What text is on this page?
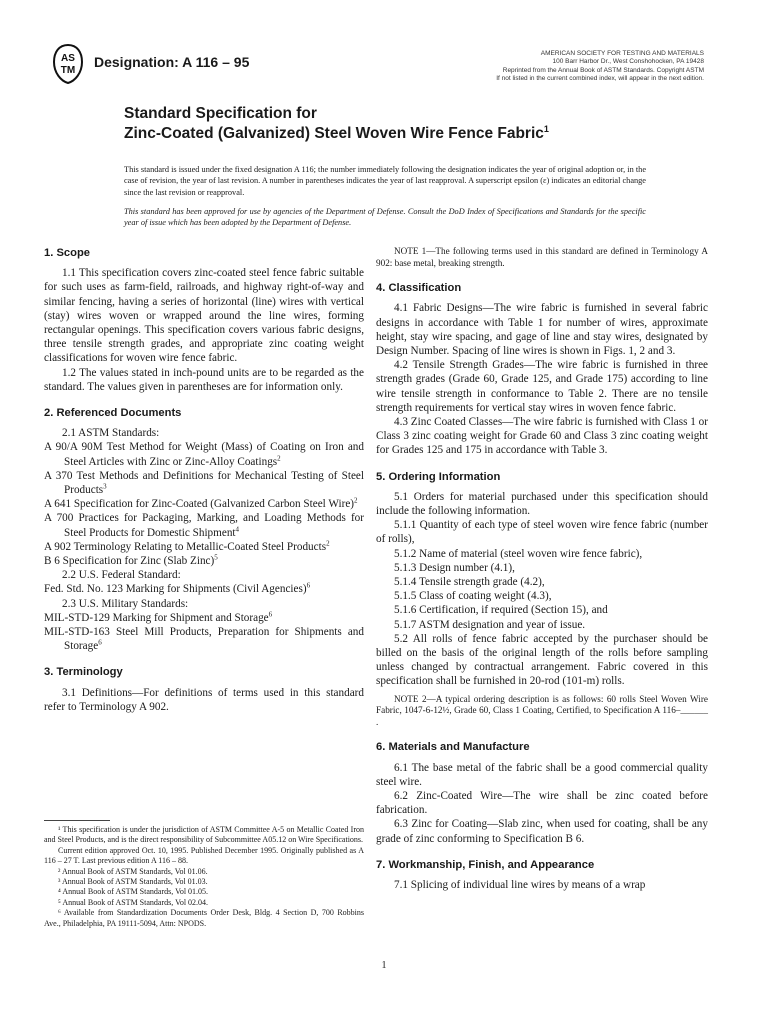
AS
TM
Designation: A 116 – 95
AMERICAN SOCIETY FOR TESTING AND MATERIALS
100 Barr Harbor Dr., West Conshohocken, PA 19428
Reprinted from the Annual Book of ASTM Standards. Copyright ASTM
If not listed in the current combined index, will appear in the next edition.
Standard Specification for
Zinc-Coated (Galvanized) Steel Woven Wire Fence Fabric$^1$
This standard is issued under the fixed designation A 116; the number immediately following the designation indicates the year of original adoption or, in the case of revision, the year of last revision. A number in parentheses indicates the year of last reapproval. A superscript epsilon (ε) indicates an editorial change since the last revision or reapproval.
This standard has been approved for use by agencies of the Department of Defense. Consult the DoD Index of Specifications and Standards for the specific year of issue which has been adopted by the Department of Defense.
1. Scope

1.1 This specification covers zinc-coated steel fence fabric suitable for such uses as farm-field, railroads, and highway right-of-way and similar fencing, having a series of horizontal (line) wires with vertical (stay) wires woven or wrapped around the line wires, forming rectangular openings. This specification covers various fabric designs, three tensile strength grades, and appropriate zinc coating weight classifications for woven wire fence fabric.

1.2 The values stated in inch-pound units are to be regarded as the standard. The values given in parentheses are for information only.

2. Referenced Documents

2.1 ASTM Standards:

A 90/A 90M Test Method for Weight (Mass) of Coating on Iron and Steel Articles with Zinc or Zinc-Alloy Coatings$^2$

A 370 Test Methods and Definitions for Mechanical Testing of Steel Products$^3$

A 641 Specification for Zinc-Coated (Galvanized Carbon Steel Wire)$^2$

A 700 Practices for Packaging, Marking, and Loading Methods for Steel Products for Domestic Shipment$^4$

A 902 Terminology Relating to Metallic-Coated Steel Products$^2$

B 6 Specification for Zinc (Slab Zinc)$^5$

2.2 U.S. Federal Standard:

Fed. Std. No. 123 Marking for Shipments (Civil Agencies)$^6$

2.3 U.S. Military Standards:

MIL-STD-129 Marking for Shipment and Storage$^6$

MIL-STD-163 Steel Mill Products, Preparation for Shipments and Storage$^6$

3. Terminology

3.1 Definitions—For definitions of terms used in this standard refer to Terminology A 902.

¹ This specification is under the jurisdiction of ASTM Committee A-5 on Metallic Coated Iron and Steel Products, and is the direct responsibility of Subcommittee A05.12 on Wire Specifications.

Current edition approved Oct. 10, 1995. Published December 1995. Originally published as A 116 – 27 T. Last previous edition A 116 – 88.

² Annual Book of ASTM Standards, Vol 01.06.

³ Annual Book of ASTM Standards, Vol 01.03.

⁴ Annual Book of ASTM Standards, Vol 01.05.

⁵ Annual Book of ASTM Standards, Vol 02.04.

⁶ Available from Standardization Documents Order Desk, Bldg. 4 Section D, 700 Robbins Ave., Philadelphia, PA 19111-5094, Attn: NPODS.

NOTE 1—The following terms used in this standard are defined in Terminology A 902: base metal, breaking strength.

4. Classification

4.1 Fabric Designs—The wire fabric is furnished in several fabric designs in accordance with Table 1 for number of wires, approximate height, stay wire spacing, and gage of line and stay wires, designated by Design Number. Spacing of line wires is shown in Figs. 1, 2 and 3.

4.2 Tensile Strength Grades—The wire fabric is furnished in three strength grades (Grade 60, Grade 125, and Grade 175) according to line wire tensile strength in conformance to Table 2. There are no tensile strength requirements for vertical stay wires in woven fence fabric.

4.3 Zinc Coated Classes—The wire fabric is furnished with Class 1 or Class 3 zinc coating weight for Grade 60 and Class 3 zinc coating weight for Grades 125 and 175 in accordance with Table 3.

5. Ordering Information

5.1 Orders for material purchased under this specification should include the following information.

5.1.1 Quantity of each type of steel woven wire fence fabric (number of rolls),

5.1.2 Name of material (steel woven wire fence fabric),

5.1.3 Design number (4.1),

5.1.4 Tensile strength grade (4.2),

5.1.5 Class of coating weight (4.3),

5.1.6 Certification, if required (Section 15), and

5.1.7 ASTM designation and year of issue.

5.2 All rolls of fence fabric accepted by the purchaser should be billed on the basis of the original length of the rolls before sampling unless changed by contractual arrangement. Fabric covered in this specification shall be furnished in 20-rod (101-m) rolls.

NOTE 2—A typical ordering description is as follows: 60 rolls Steel Woven Wire Fabric, 1047-6-12½, Grade 60, Class 1 Coating, Certified, to Specification A 116–______ .

6. Materials and Manufacture

6.1 The base metal of the fabric shall be a good commercial quality steel wire.

6.2 Zinc-Coated Wire—The wire shall be zinc coated before fabrication.

6.3 Zinc for Coating—Slab zinc, when used for coating, shall be any grade of zinc conforming to Specification B 6.

7. Workmanship, Finish, and Appearance

7.1 Splicing of individual line wires by means of a wrap

1
